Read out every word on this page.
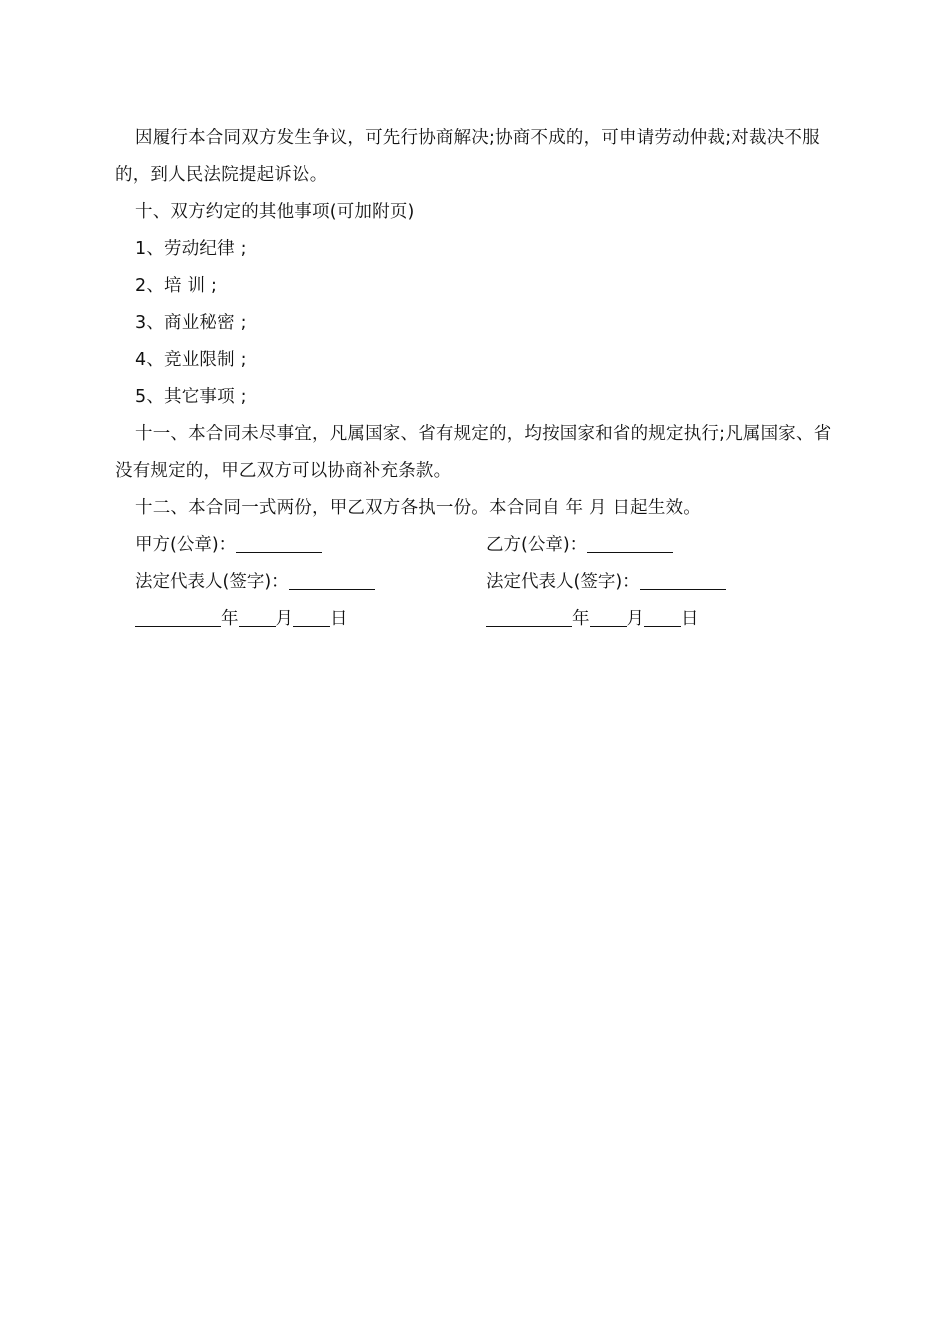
因履行本合同双方发生争议，可先行协商解决;协商不成的，可申请劳动仲裁;对裁决不服的，到人民法院提起诉讼。

十、双方约定的其他事项(可加附页)

1、劳动纪律 ;

2、培 训 ;

3、商业秘密 ;

4、竞业限制 ;

5、其它事项 ;

十一、本合同未尽事宜，凡属国家、省有规定的，均按国家和省的规定执行;凡属国家、省没有规定的，甲乙双方可以协商补充条款。

十二、本合同一式两份，甲乙双方各执一份。本合同自 年 月 日起生效。

甲方(公章)：	乙方(公章)：
法定代表人(签字)：	法定代表人(签字)：
年 月 日	年 月 日
